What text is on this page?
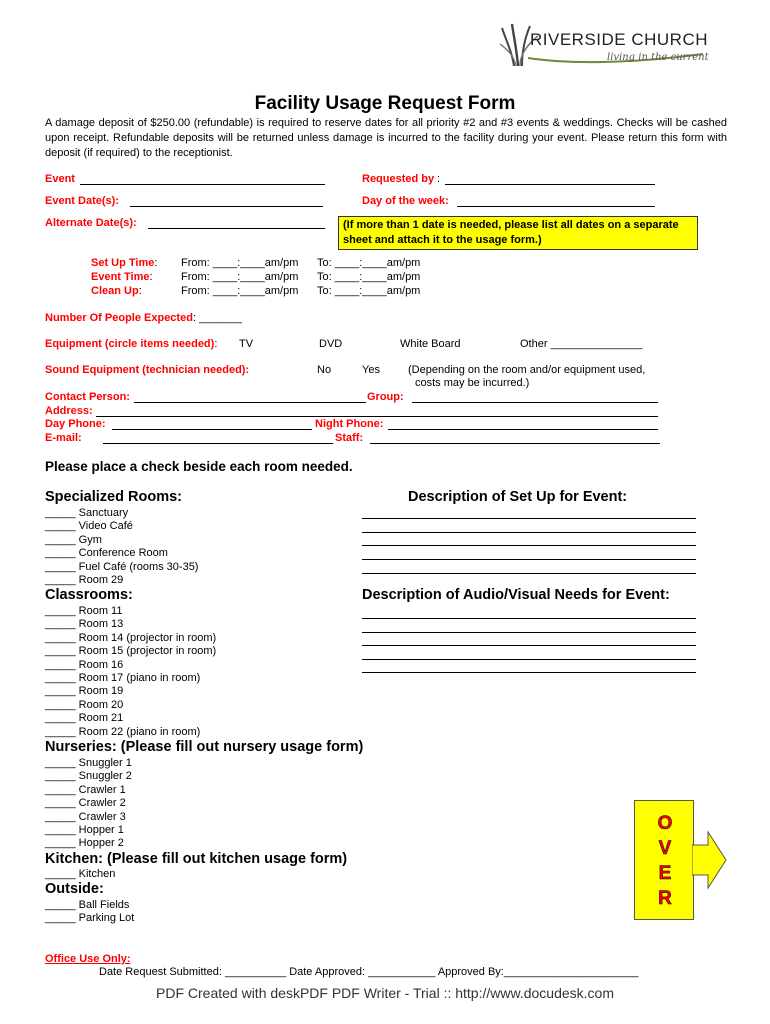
RIVERSIDE CHURCH
living in the current
Facility Usage Request Form
A damage deposit of $250.00 (refundable) is required to reserve dates for all priority #2 and #3 events & weddings. Checks will be cashed upon receipt. Refundable deposits will be returned unless damage is incurred to the facility during your event. Please return this form with deposit (if required) to the receptionist.
Event	Requested by :
Event Date(s):	Day of the week:
Alternate Date(s):	(If more than 1 date is needed, please list all dates on a separate sheet and attach it to the usage form.)
Set Up Time: From: ____:____am/pm To: ____:____am/pm
Event Time:	From: ____:____am/pm To: ____:____am/pm
Clean Up:	From: ____:____am/pm To: ____:____am/pm
Number Of People Expected: _______
Equipment (circle items needed): TV	DVD	White Board	Other _______________
Sound Equipment (technician needed):	No	Yes	(Depending on the room and/or equipment used,
costs may be incurred.)
Contact Person:	Group:
Address:
Day Phone:	Night Phone:
E-mail:	Staff:
Please place a check beside each room needed.
Specialized Rooms:
_____ Sanctuary
_____ Video Café
_____ Gym
_____ Conference Room
_____ Fuel Café (rooms 30-35)
_____ Room 29
Description of Set Up for Event:
Classrooms:
_____ Room 11
_____ Room 13
_____ Room 14 (projector in room)
_____ Room 15 (projector in room)
_____ Room 16
_____ Room 17 (piano in room)
_____ Room 19
_____ Room 20
_____ Room 21
_____ Room 22 (piano in room)
Description of Audio/Visual Needs for Event:
Nurseries: (Please fill out nursery usage form)
_____ Snuggler 1
_____ Snuggler 2
_____ Crawler 1
_____ Crawler 2
_____ Crawler 3
_____ Hopper 1
_____ Hopper 2
Kitchen: (Please fill out kitchen usage form)
_____ Kitchen
Outside:
_____ Ball Fields
_____ Parking Lot
O
V
E
R
Office Use Only:
Date Request Submitted: __________ Date Approved: ___________ Approved By:______________________
PDF Created with deskPDF PDF Writer - Trial :: http://www.docudesk.com
